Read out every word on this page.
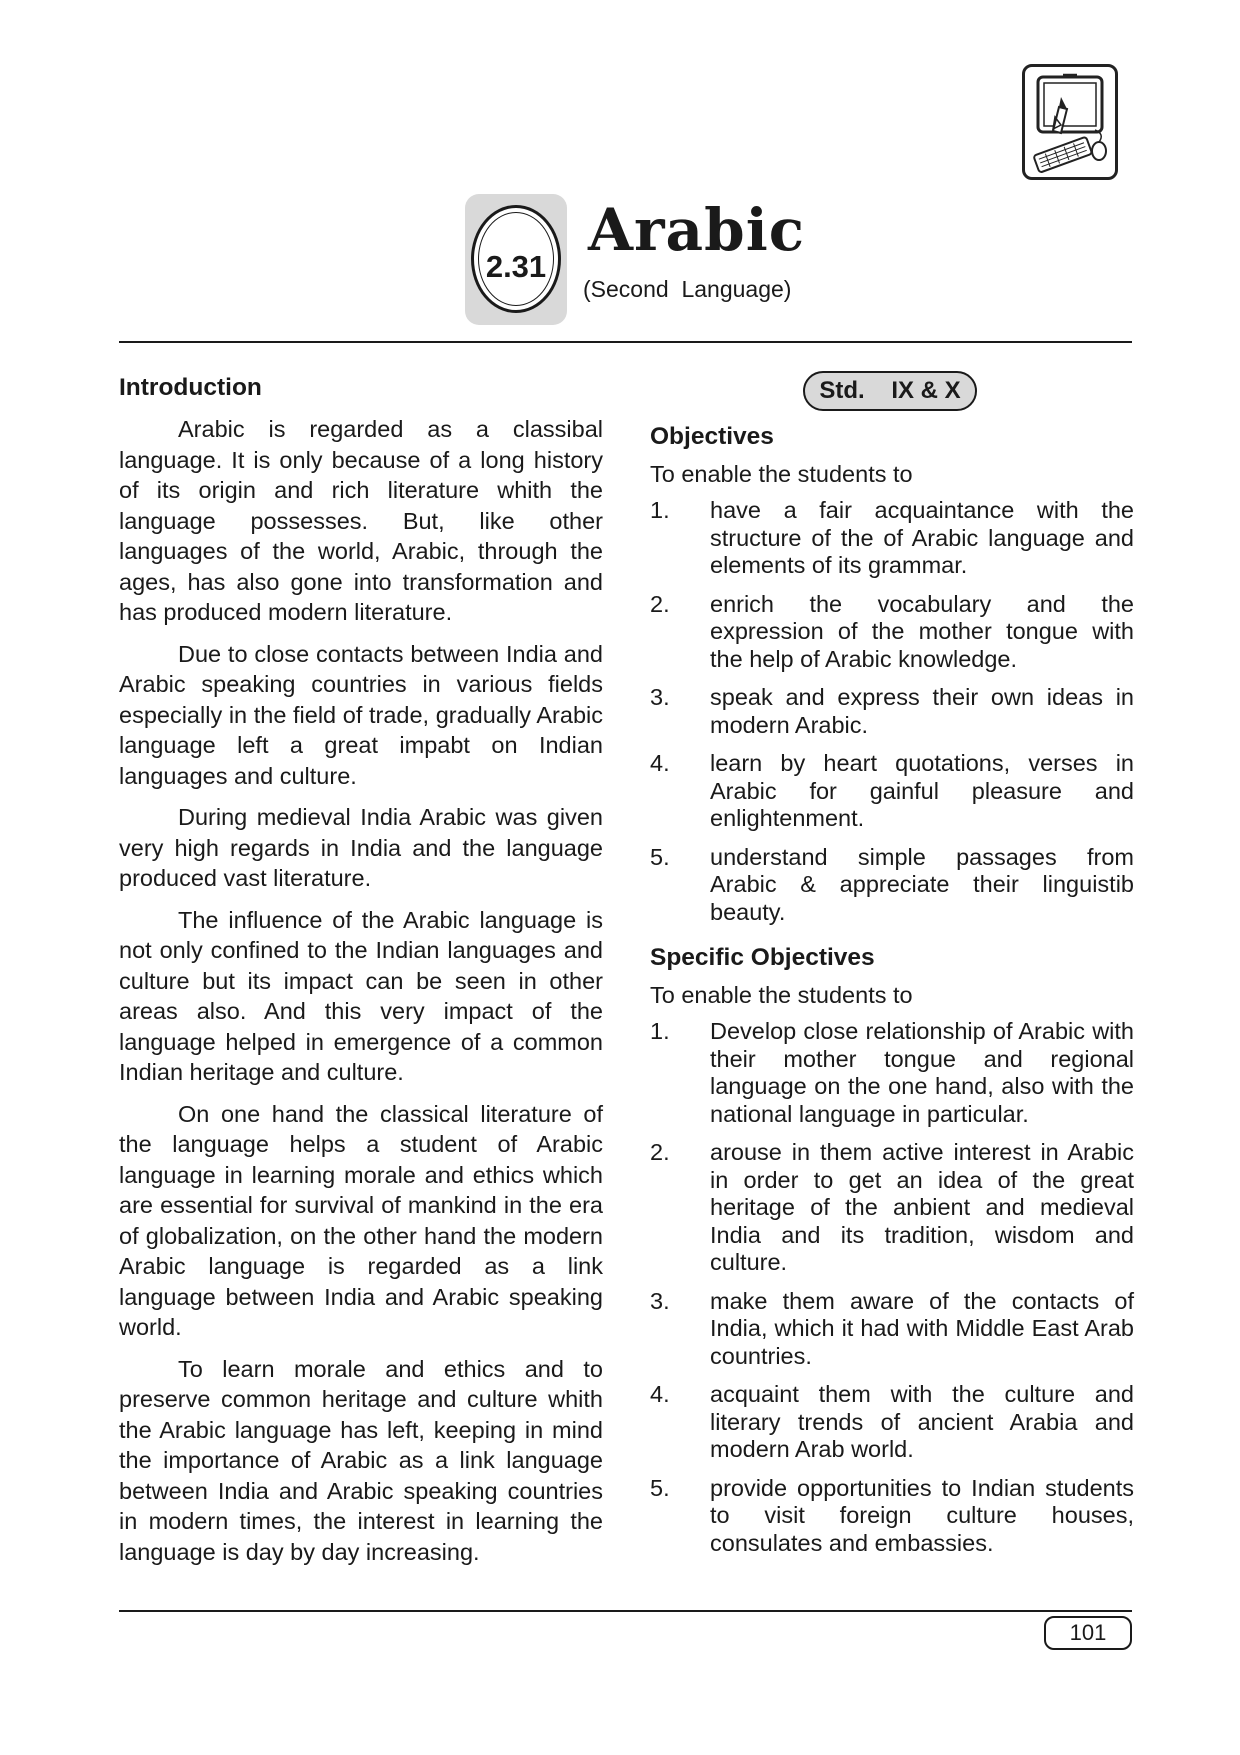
2.31
Arabic
(Second  Language)
Introduction

Arabic is regarded as a classibal language. It is only because of a long history of its origin and rich literature whith the language possesses. But, like other languages of the world, Arabic, through the ages, has also gone into transformation and has produced modern literature.

Due to close contacts between India and Arabic speaking countries in various fields especially in the field of trade, gradually Arabic language left a great impabt on Indian languages and culture.

During medieval India Arabic was given very high regards in India and the language produced vast literature.

The influence of the Arabic language is not only confined to the Indian languages and culture but its impact can be seen in other areas also. And this very impact of the language helped in emergence of a common Indian heritage and culture.

On one hand the classical literature of the language helps a student of Arabic language in learning morale and ethics which are essential for survival of mankind in the era of globalization, on the other hand the modern Arabic language is regarded as a link language between India and Arabic speaking world.

To learn morale and ethics and to preserve common heritage and culture whith the Arabic language has left, keeping in mind the importance of Arabic as a link language between India and Arabic speaking countries in modern times, the interest in learning the language is day by day increasing.

Std.    IX & X
Objectives

To enable the students to

1. have a fair acquaintance with the structure of the of Arabic language and elements of its grammar.
2. enrich the vocabulary and the expression of the mother tongue with the help of Arabic knowledge.
3. speak and express their own ideas in modern Arabic.
4. learn by heart quotations, verses in Arabic for gainful pleasure and enlightenment.
5. understand simple passages from Arabic & appreciate their linguistib beauty.
Specific Objectives

To enable the students to

1. Develop close relationship of Arabic with their mother tongue and regional language on the one hand, also with the national language in particular.
2. arouse in them active interest in Arabic in order to get an idea of the great heritage of the anbient and medieval India and its tradition, wisdom and culture.
3. make them aware of the contacts of India, which it had with Middle East Arab countries.
4. acquaint them with the culture and literary trends of ancient Arabia and modern Arab world.
5. provide opportunities to Indian students to visit foreign culture houses, consulates and embassies.
101
